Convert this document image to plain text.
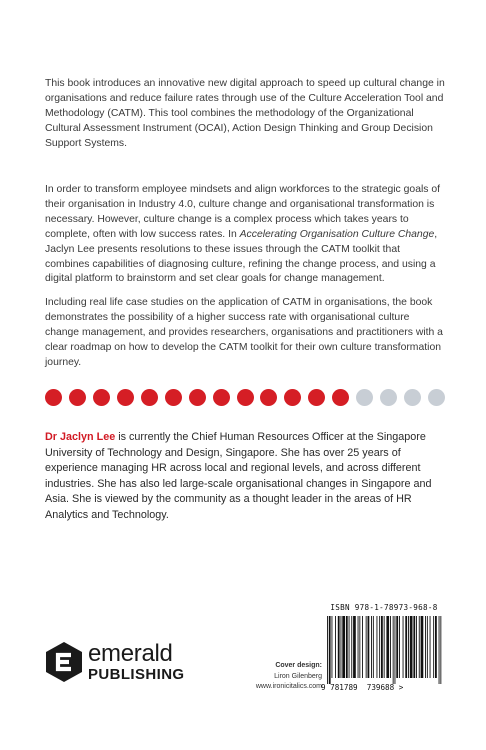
This book introduces an innovative new digital approach to speed up cultural change in organisations and reduce failure rates through use of the Culture Acceleration Tool and Methodology (CATM). This tool combines the methodology of the Organizational Cultural Assessment Instrument (OCAI), Action Design Thinking and Group Decision Support Systems.

In order to transform employee mindsets and align workforces to the strategic goals of their organisation in Industry 4.0, culture change and organisational transformation is necessary. However, culture change is a complex process which takes years to complete, often with low success rates. In Accelerating Organisation Culture Change, Jaclyn Lee presents resolutions to these issues through the CATM toolkit that combines capabilities of diagnosing culture, refining the change process, and using a digital platform to brainstorm and set clear goals for change management.

Including real life case studies on the application of CATM in organisations, the book demonstrates the possibility of a higher success rate with organisational culture change management, and provides researchers, organisations and practitioners with a clear roadmap on how to develop the CATM toolkit for their own culture transformation journey.

Dr Jaclyn Lee is currently the Chief Human Resources Officer at the Singapore University of Technology and Design, Singapore. She has over 25 years of experience managing HR across local and regional levels, and across different industries. She has also led large-scale organisational changes in Singapore and Asia. She is viewed by the community as a thought leader in the areas of HR Analytics and Technology.

emerald
PUBLISHING
Cover design:
Liron Gilenberg
www.ironicitalics.com
ISBN 978-1-78973-968-8
9 781789 739688 >
